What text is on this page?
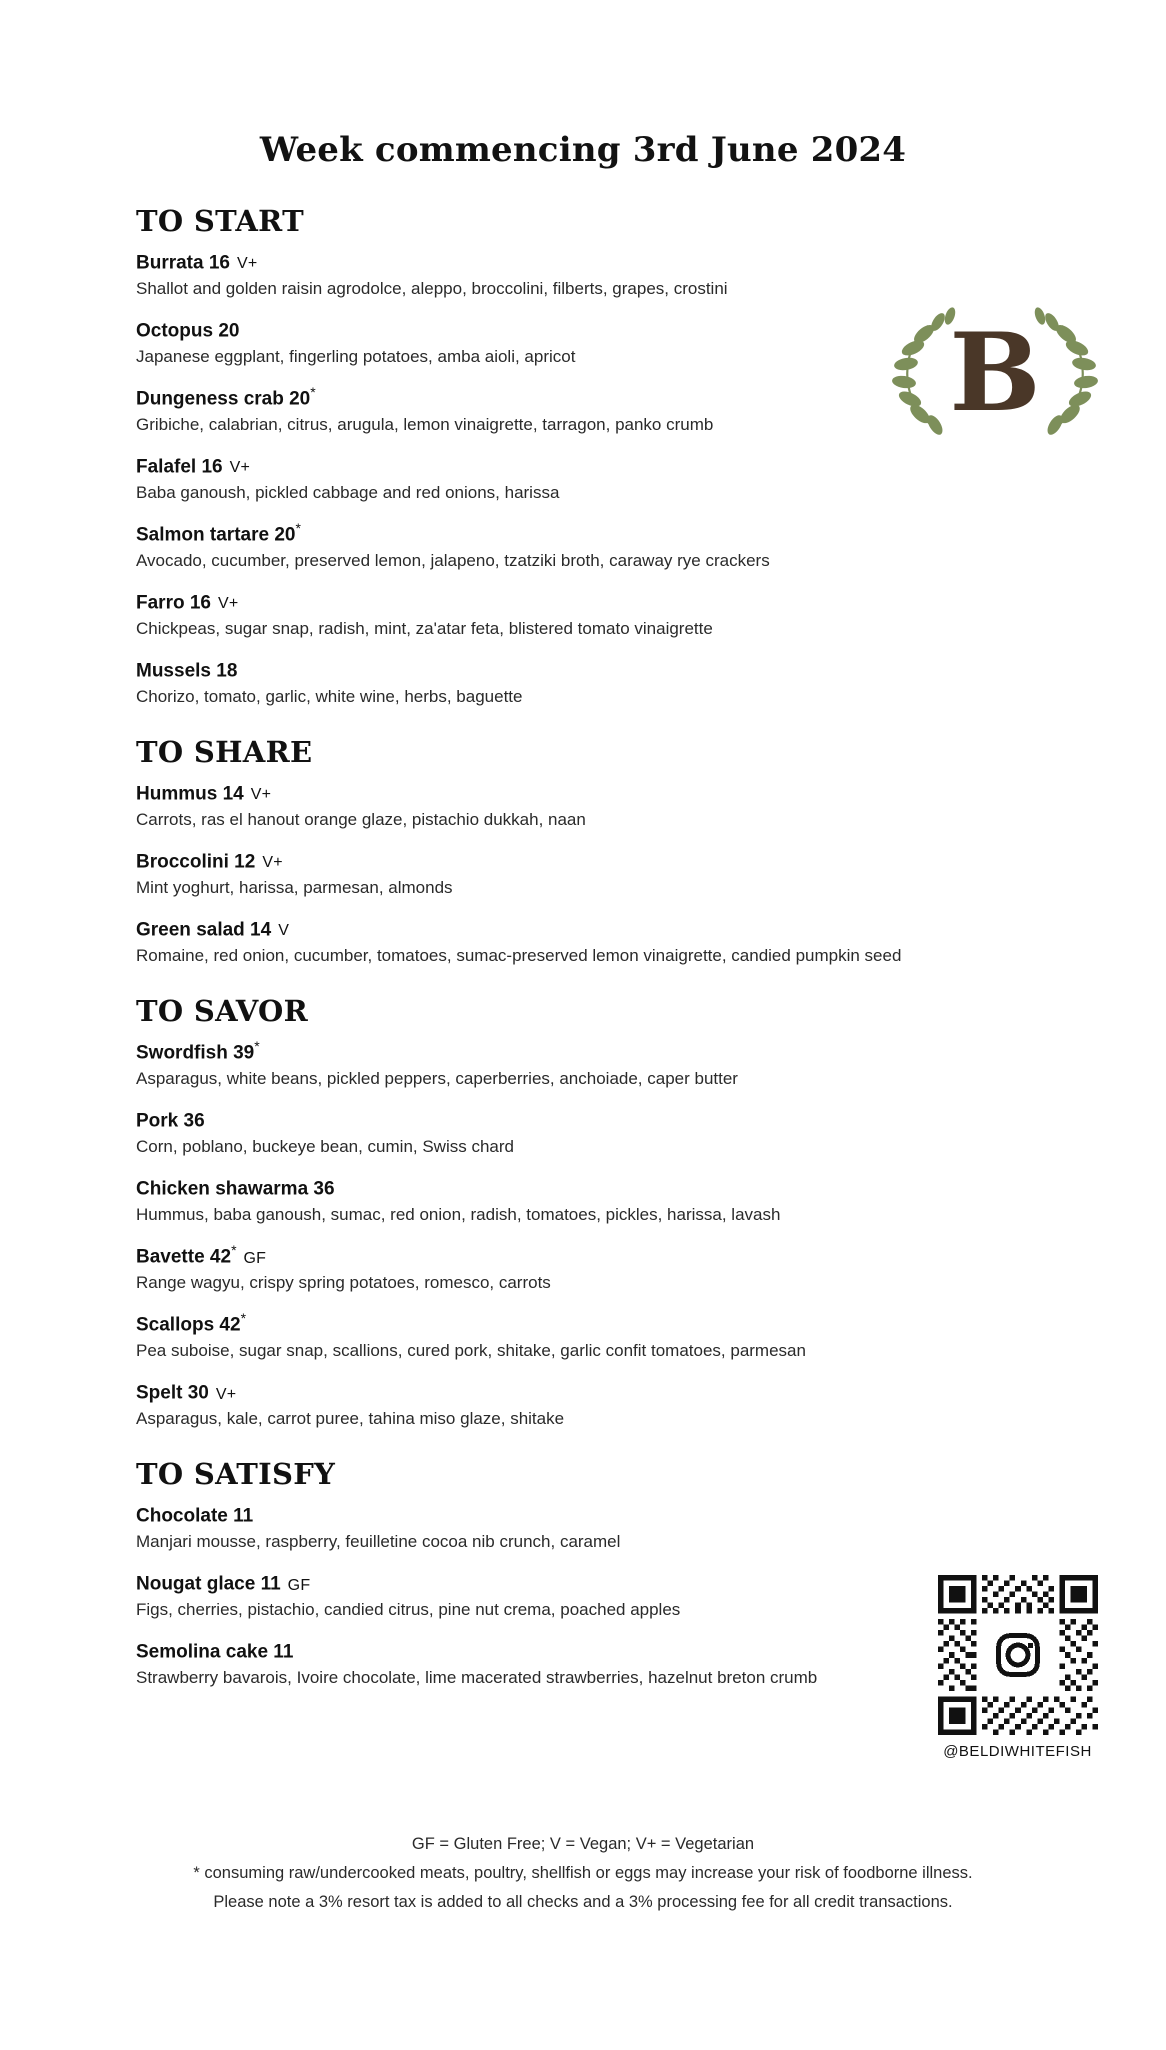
Week commencing 3rd June 2024
B
TO START
Burrata 16 V+
Shallot and golden raisin agrodolce, aleppo, broccolini, filberts, grapes, crostini
Octopus 20
Japanese eggplant, fingerling potatoes, amba aioli, apricot
Dungeness crab 20*
Gribiche, calabrian, citrus, arugula, lemon vinaigrette, tarragon, panko crumb
Falafel 16 V+
Baba ganoush, pickled cabbage and red onions, harissa
Salmon tartare 20*
Avocado, cucumber, preserved lemon, jalapeno, tzatziki broth, caraway rye crackers
Farro 16 V+
Chickpeas, sugar snap, radish, mint, za'atar feta, blistered tomato vinaigrette
Mussels 18
Chorizo, tomato, garlic, white wine, herbs, baguette
TO SHARE
Hummus 14 V+
Carrots, ras el hanout orange glaze, pistachio dukkah, naan
Broccolini 12 V+
Mint yoghurt, harissa, parmesan, almonds
Green salad 14 V
Romaine, red onion, cucumber, tomatoes, sumac-preserved lemon vinaigrette, candied pumpkin seed
TO SAVOR
Swordfish 39*
Asparagus, white beans, pickled peppers, caperberries, anchoiade, caper butter
Pork 36
Corn, poblano, buckeye bean, cumin, Swiss chard
Chicken shawarma 36
Hummus, baba ganoush, sumac, red onion, radish, tomatoes, pickles, harissa, lavash
Bavette 42* GF
Range wagyu, crispy spring potatoes, romesco, carrots
Scallops 42*
Pea suboise, sugar snap, scallions, cured pork, shitake, garlic confit tomatoes, parmesan
Spelt 30 V+
Asparagus, kale, carrot puree, tahina miso glaze, shitake
TO SATISFY
Chocolate 11
Manjari mousse, raspberry, feuilletine cocoa nib crunch, caramel
Nougat glace 11 GF
Figs, cherries, pistachio, candied citrus, pine nut crema, poached apples
Semolina cake 11
Strawberry bavarois, Ivoire chocolate, lime macerated strawberries, hazelnut breton crumb
@BELDIWHITEFISH
GF = Gluten Free; V = Vegan; V+ = Vegetarian
* consuming raw/undercooked meats, poultry, shellfish or eggs may increase your risk of foodborne illness.
Please note a 3% resort tax is added to all checks and a 3% processing fee for all credit transactions.
